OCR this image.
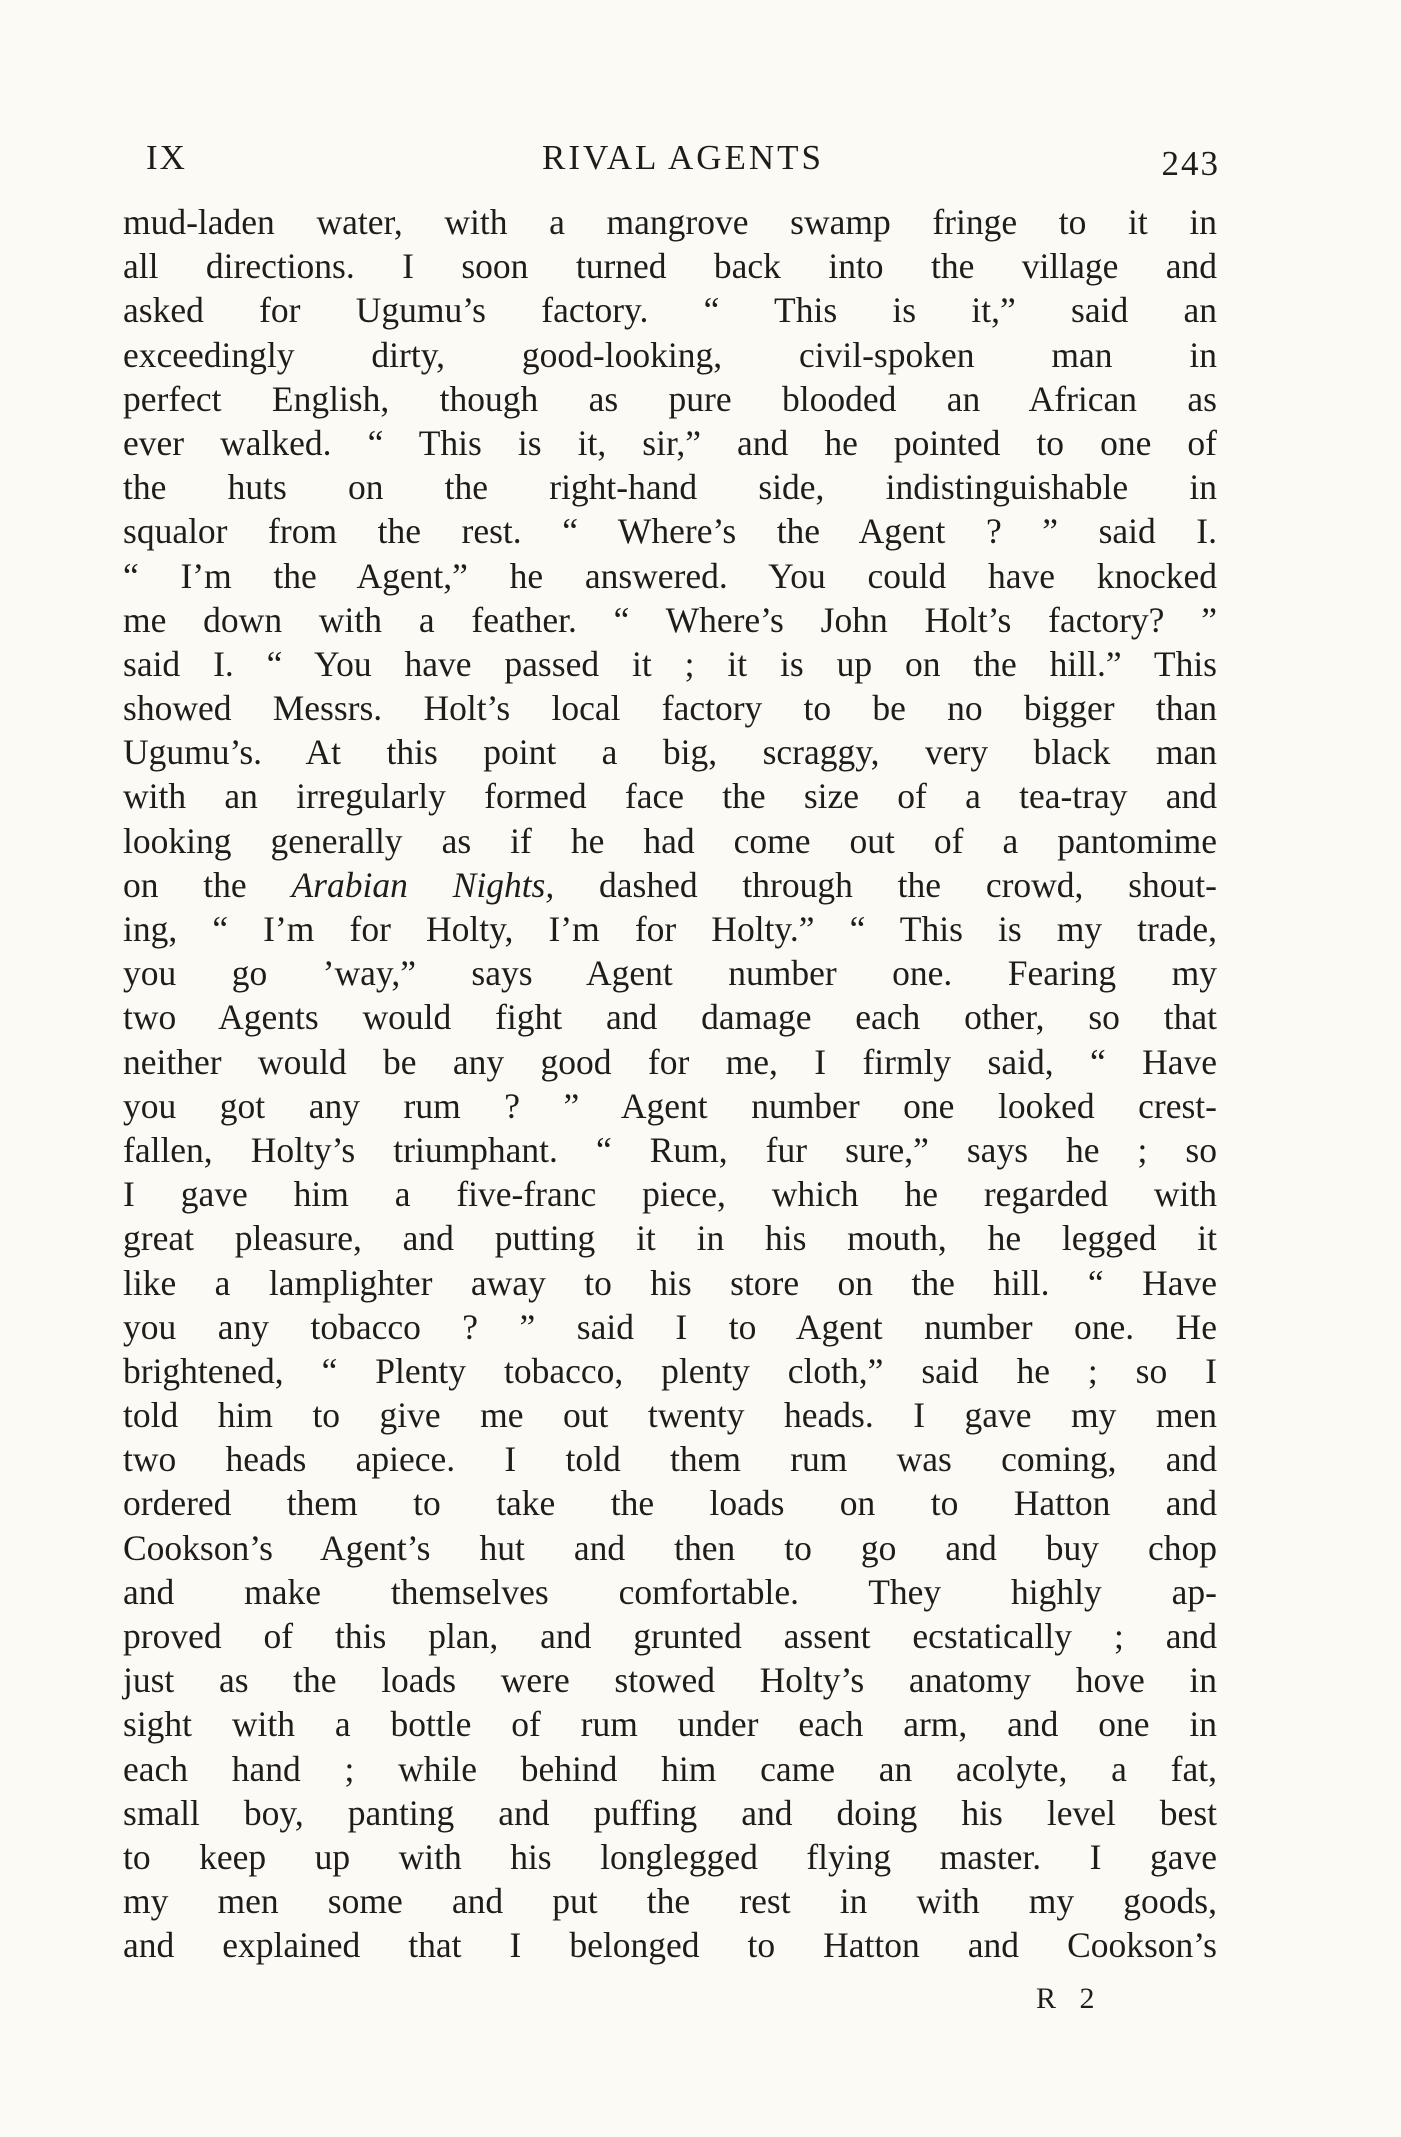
IX	RIVAL AGENTS	243
mud-laden water, with a mangrove swamp fringe to it in
all directions. I soon turned back into the village and
asked for Ugumu’s factory. “ This is it,” said an
exceedingly dirty, good-looking, civil-spoken man in
perfect English, though as pure blooded an African as
ever walked. “ This is it, sir,” and he pointed to one of
the huts on the right-hand side, indistinguishable in
squalor from the rest. “ Where’s the Agent ? ” said I.
“ I’m the Agent,” he answered. You could have knocked
me down with a feather. “ Where’s John Holt’s factory? ”
said I. “ You have passed it ; it is up on the hill.” This
showed Messrs. Holt’s local factory to be no bigger than
Ugumu’s. At this point a big, scraggy, very black man
with an irregularly formed face the size of a tea-tray and
looking generally as if he had come out of a pantomime
on the Arabian Nights, dashed through the crowd, shout-
ing, “ I’m for Holty, I’m for Holty.” “ This is my trade,
you go ’way,” says Agent number one. Fearing my
two Agents would fight and damage each other, so that
neither would be any good for me, I firmly said, “ Have
you got any rum ? ” Agent number one looked crest-
fallen, Holty’s triumphant. “ Rum, fur sure,” says he ; so
I gave him a five-franc piece, which he regarded with
great pleasure, and putting it in his mouth, he legged it
like a lamplighter away to his store on the hill. “ Have
you any tobacco ? ” said I to Agent number one. He
brightened, “ Plenty tobacco, plenty cloth,” said he ; so I
told him to give me out twenty heads. I gave my men
two heads apiece. I told them rum was coming, and
ordered them to take the loads on to Hatton and
Cookson’s Agent’s hut and then to go and buy chop
and make themselves comfortable. They highly ap-
proved of this plan, and grunted assent ecstatically ; and
just as the loads were stowed Holty’s anatomy hove in
sight with a bottle of rum under each arm, and one in
each hand ; while behind him came an acolyte, a fat,
small boy, panting and puffing and doing his level best
to keep up with his longlegged flying master. I gave
my men some and put the rest in with my goods,
and explained that I belonged to Hatton and Cookson’s
R 2
